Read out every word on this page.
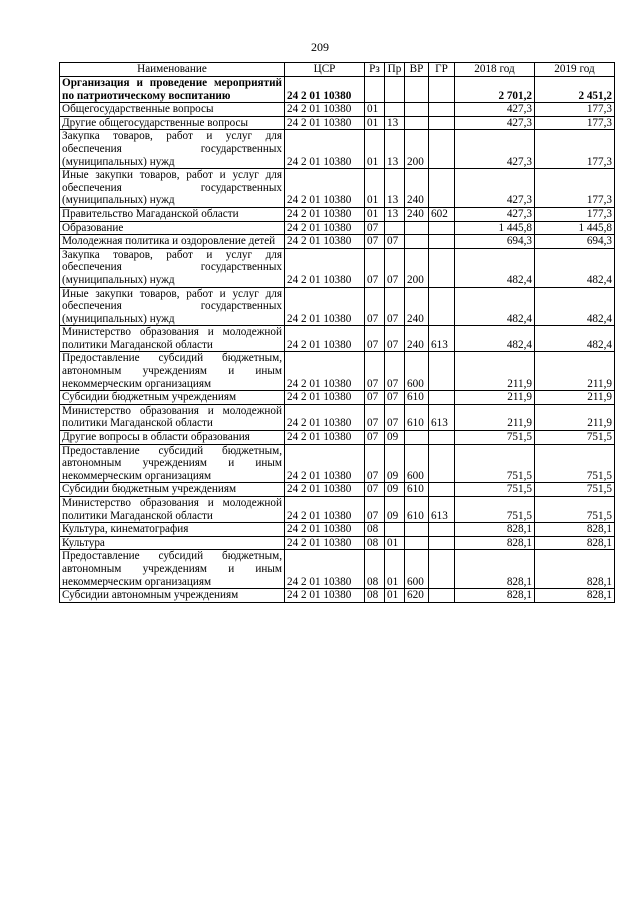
209
Наименование	ЦСР	Рз	Пр	ВР	ГР	2018 год	2019 год
Организация и проведение мероприятий по патриотическому воспитанию	24 2 01 10380					2 701,2	2 451,2
Общегосударственные вопросы	24 2 01 10380	01				427,3	177,3
Другие общегосударственные вопросы	24 2 01 10380	01	13			427,3	177,3
Закупка товаров, работ и услуг для обеспечения государственных (муниципальных) нужд	24 2 01 10380	01	13	200		427,3	177,3
Иные закупки товаров, работ и услуг для обеспечения государственных (муниципальных) нужд	24 2 01 10380	01	13	240		427,3	177,3
Правительство Магаданской области	24 2 01 10380	01	13	240	602	427,3	177,3
Образование	24 2 01 10380	07				1 445,8	1 445,8
Молодежная политика и оздоровление детей	24 2 01 10380	07	07			694,3	694,3
Закупка товаров, работ и услуг для обеспечения государственных (муниципальных) нужд	24 2 01 10380	07	07	200		482,4	482,4
Иные закупки товаров, работ и услуг для обеспечения государственных (муниципальных) нужд	24 2 01 10380	07	07	240		482,4	482,4
Министерство образования и молодежной политики Магаданской области	24 2 01 10380	07	07	240	613	482,4	482,4
Предоставление субсидий бюджетным, автономным учреждениям и иным некоммерческим организациям	24 2 01 10380	07	07	600		211,9	211,9
Субсидии бюджетным учреждениям	24 2 01 10380	07	07	610		211,9	211,9
Министерство образования и молодежной политики Магаданской области	24 2 01 10380	07	07	610	613	211,9	211,9
Другие вопросы в области образования	24 2 01 10380	07	09			751,5	751,5
Предоставление субсидий бюджетным, автономным учреждениям и иным некоммерческим организациям	24 2 01 10380	07	09	600		751,5	751,5
Субсидии бюджетным учреждениям	24 2 01 10380	07	09	610		751,5	751,5
Министерство образования и молодежной политики Магаданской области	24 2 01 10380	07	09	610	613	751,5	751,5
Культура, кинематография	24 2 01 10380	08				828,1	828,1
Культура	24 2 01 10380	08	01			828,1	828,1
Предоставление субсидий бюджетным, автономным учреждениям и иным некоммерческим организациям	24 2 01 10380	08	01	600		828,1	828,1
Субсидии автономным учреждениям	24 2 01 10380	08	01	620		828,1	828,1
